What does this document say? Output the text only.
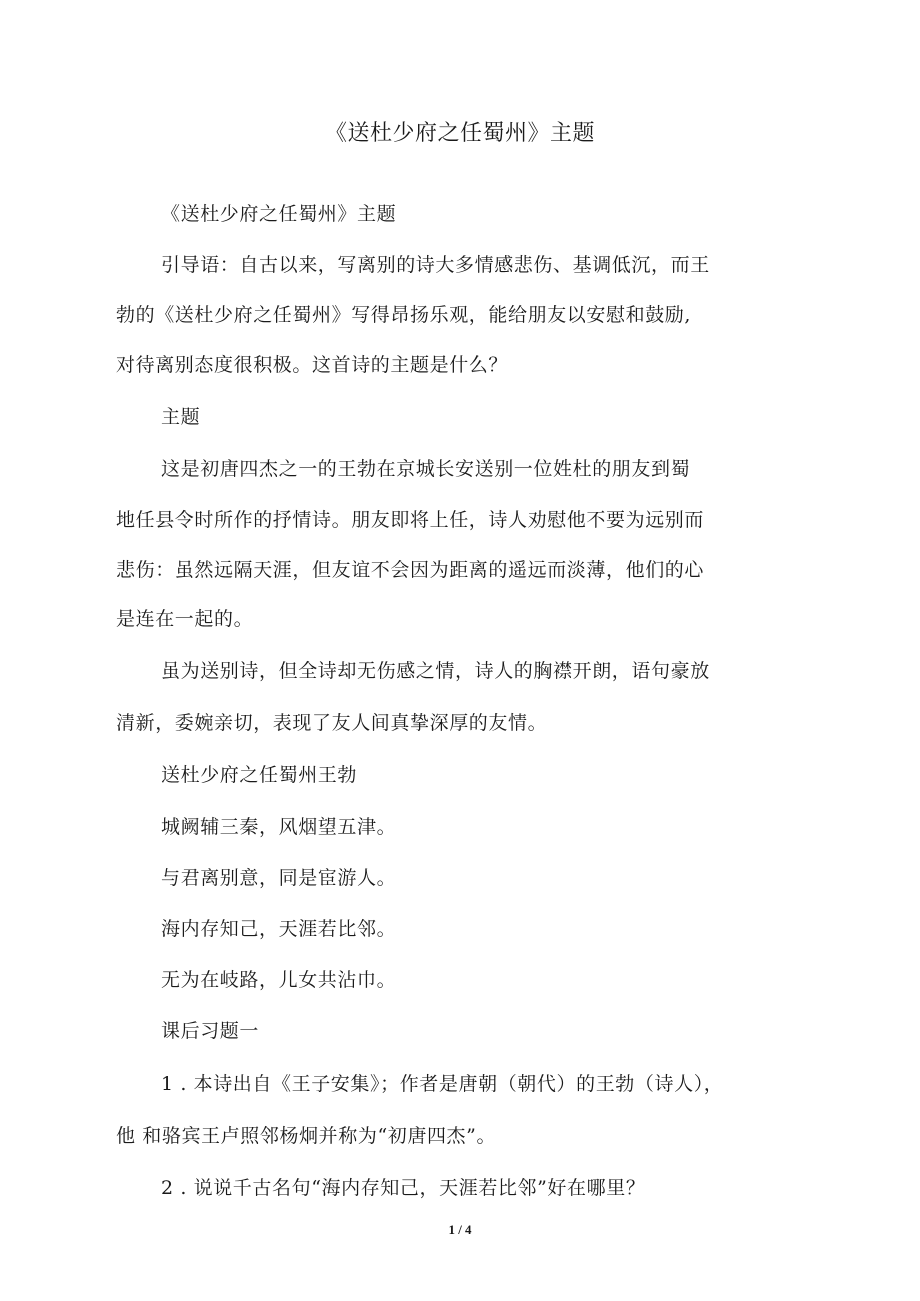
《送杜少府之任蜀州》主题
《送杜少府之任蜀州》主题
引导语：自古以来，写离别的诗大多情感悲伤、基调低沉，而王
勃的《送杜少府之任蜀州》写得昂扬乐观，能给朋友以安慰和鼓励,
对待离别态度很积极。这首诗的主题是什么？
主题
这是初唐四杰之一的王勃在京城长安送别一位姓杜的朋友到蜀
地任县令时所作的抒情诗。朋友即将上任，诗人劝慰他不要为远别而
悲伤：虽然远隔天涯，但友谊不会因为距离的遥远而淡薄，他们的心
是连在一起的。
虽为送别诗，但全诗却无伤感之情，诗人的胸襟开朗，语句豪放
清新，委婉亲切，表现了友人间真挚深厚的友情。
送杜少府之任蜀州王勃
城阙辅三秦，风烟望五津。
与君离别意，同是宦游人。
海内存知己，天涯若比邻。
无为在岐路，儿女共沾巾。
课后习题一
1 . 本诗出自《王子安集》；作者是唐朝（朝代）的王勃（诗人），
他 和骆宾王卢照邻杨炯并称为“初唐四杰”。
2 . 说说千古名句“海内存知己，天涯若比邻”好在哪里？
1 / 4
